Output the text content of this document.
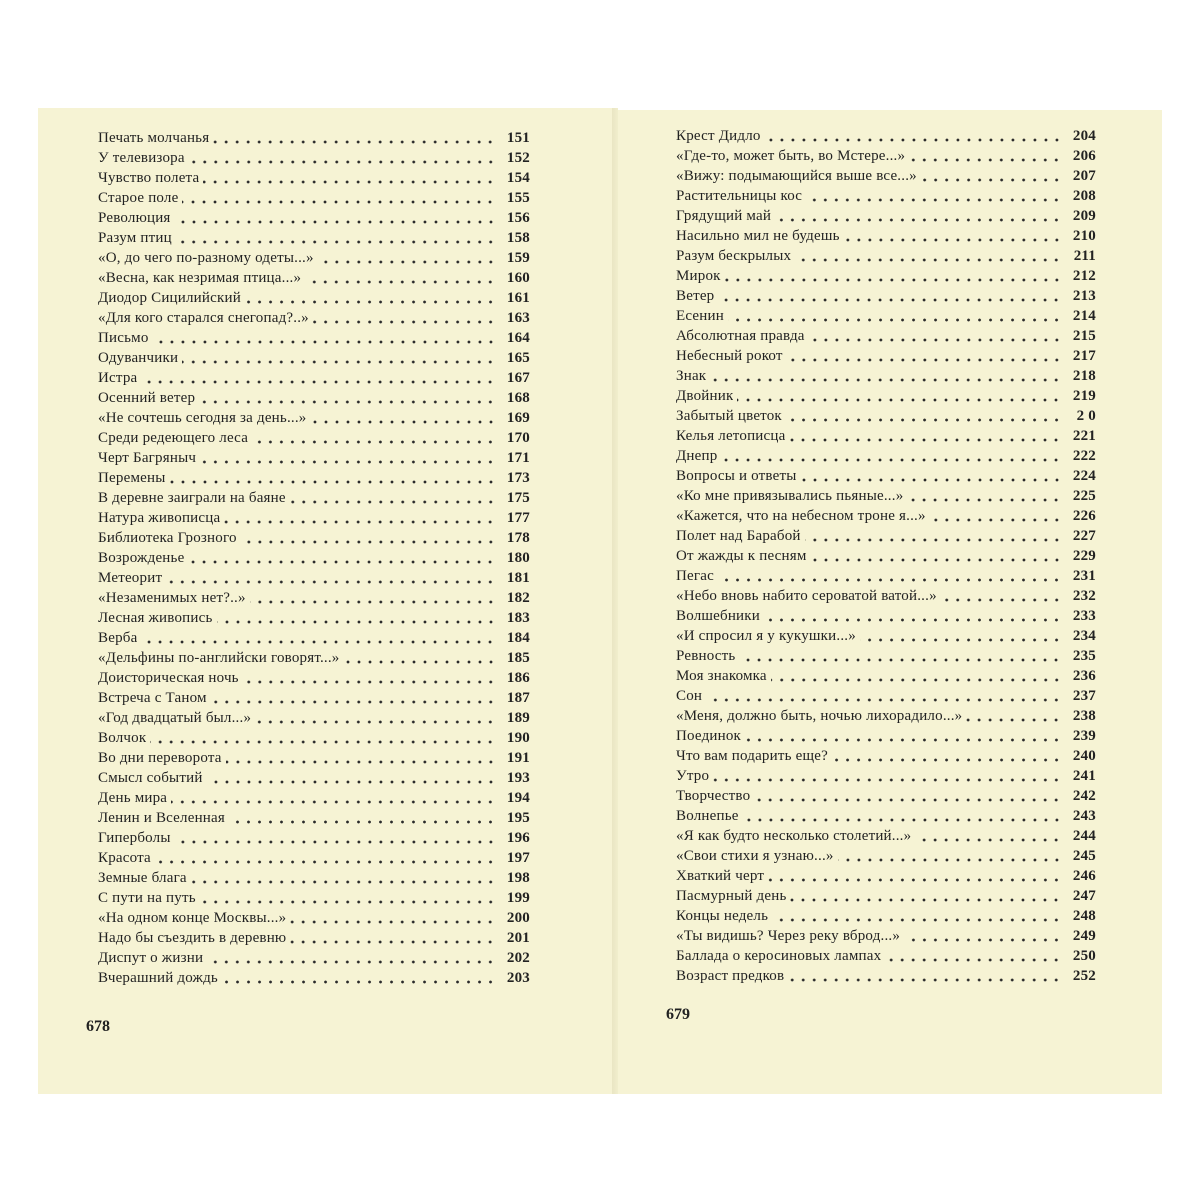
Печать молчанья	151
У телевизора	152
Чувство полета	154
Старое поле	155
Революция	156
Разум птиц	158
«О, до чего по-разному одеты...»	159
«Весна, как незримая птица...»	160
Диодор Сицилийский	161
«Для кого старался снегопад?..»	163
Письмо	164
Одуванчики	165
Истра	167
Осенний ветер	168
«Не сочтешь сегодня за день...»	169
Среди редеющего леса	170
Черт Багряныч	171
Перемены	173
В деревне заиграли на баяне	175
Натура живописца	177
Библиотека Грозного	178
Возрожденье	180
Метеорит	181
«Незаменимых нет?..»	182
Лесная живопись	183
Верба	184
«Дельфины по-английски говорят...»	185
Доисторическая ночь	186
Встреча с Таном	187
«Год двадцатый был...»	189
Волчок	190
Во дни переворота	191
Смысл событий	193
День мира	194
Ленин и Вселенная	195
Гиперболы	196
Красота	197
Земные блага	198
С пути на путь	199
«На одном конце Москвы...»	200
Надо бы съездить в деревню	201
Диспут о жизни	202
Вчерашний дождь	203
678
Крест Дидло	204
«Где-то, может быть, во Мстере...»	206
«Вижу: подымающийся выше все...»	207
Растительницы кос	208
Грядущий май	209
Насильно мил не будешь	210
Разум бескрылых	211
Мирок	212
Ветер	213
Есенин	214
Абсолютная правда	215
Небесный рокот	217
Знак	218
Двойник	219
Забытый цветок	2 0
Келья летописца	221
Днепр	222
Вопросы и ответы	224
«Ко мне привязывались пьяные...»	225
«Кажется, что на небесном троне я...»	226
Полет над Барабой	227
От жажды к песням	229
Пегас	231
«Небо вновь набито сероватой ватой...»	232
Волшебники	233
«И спросил я у кукушки...»	234
Ревность	235
Моя знакомка	236
Сон	237
«Меня, должно быть, ночью лихорадило...»	238
Поединок	239
Что вам подарить еще?	240
Утро	241
Творчество	242
Волнепье	243
«Я как будто несколько столетий...»	244
«Свои стихи я узнаю...»	245
Хваткий черт	246
Пасмурный день	247
Концы недель	248
«Ты видишь? Через реку вброд...»	249
Баллада о керосиновых лампах	250
Возраст предков	252
679
